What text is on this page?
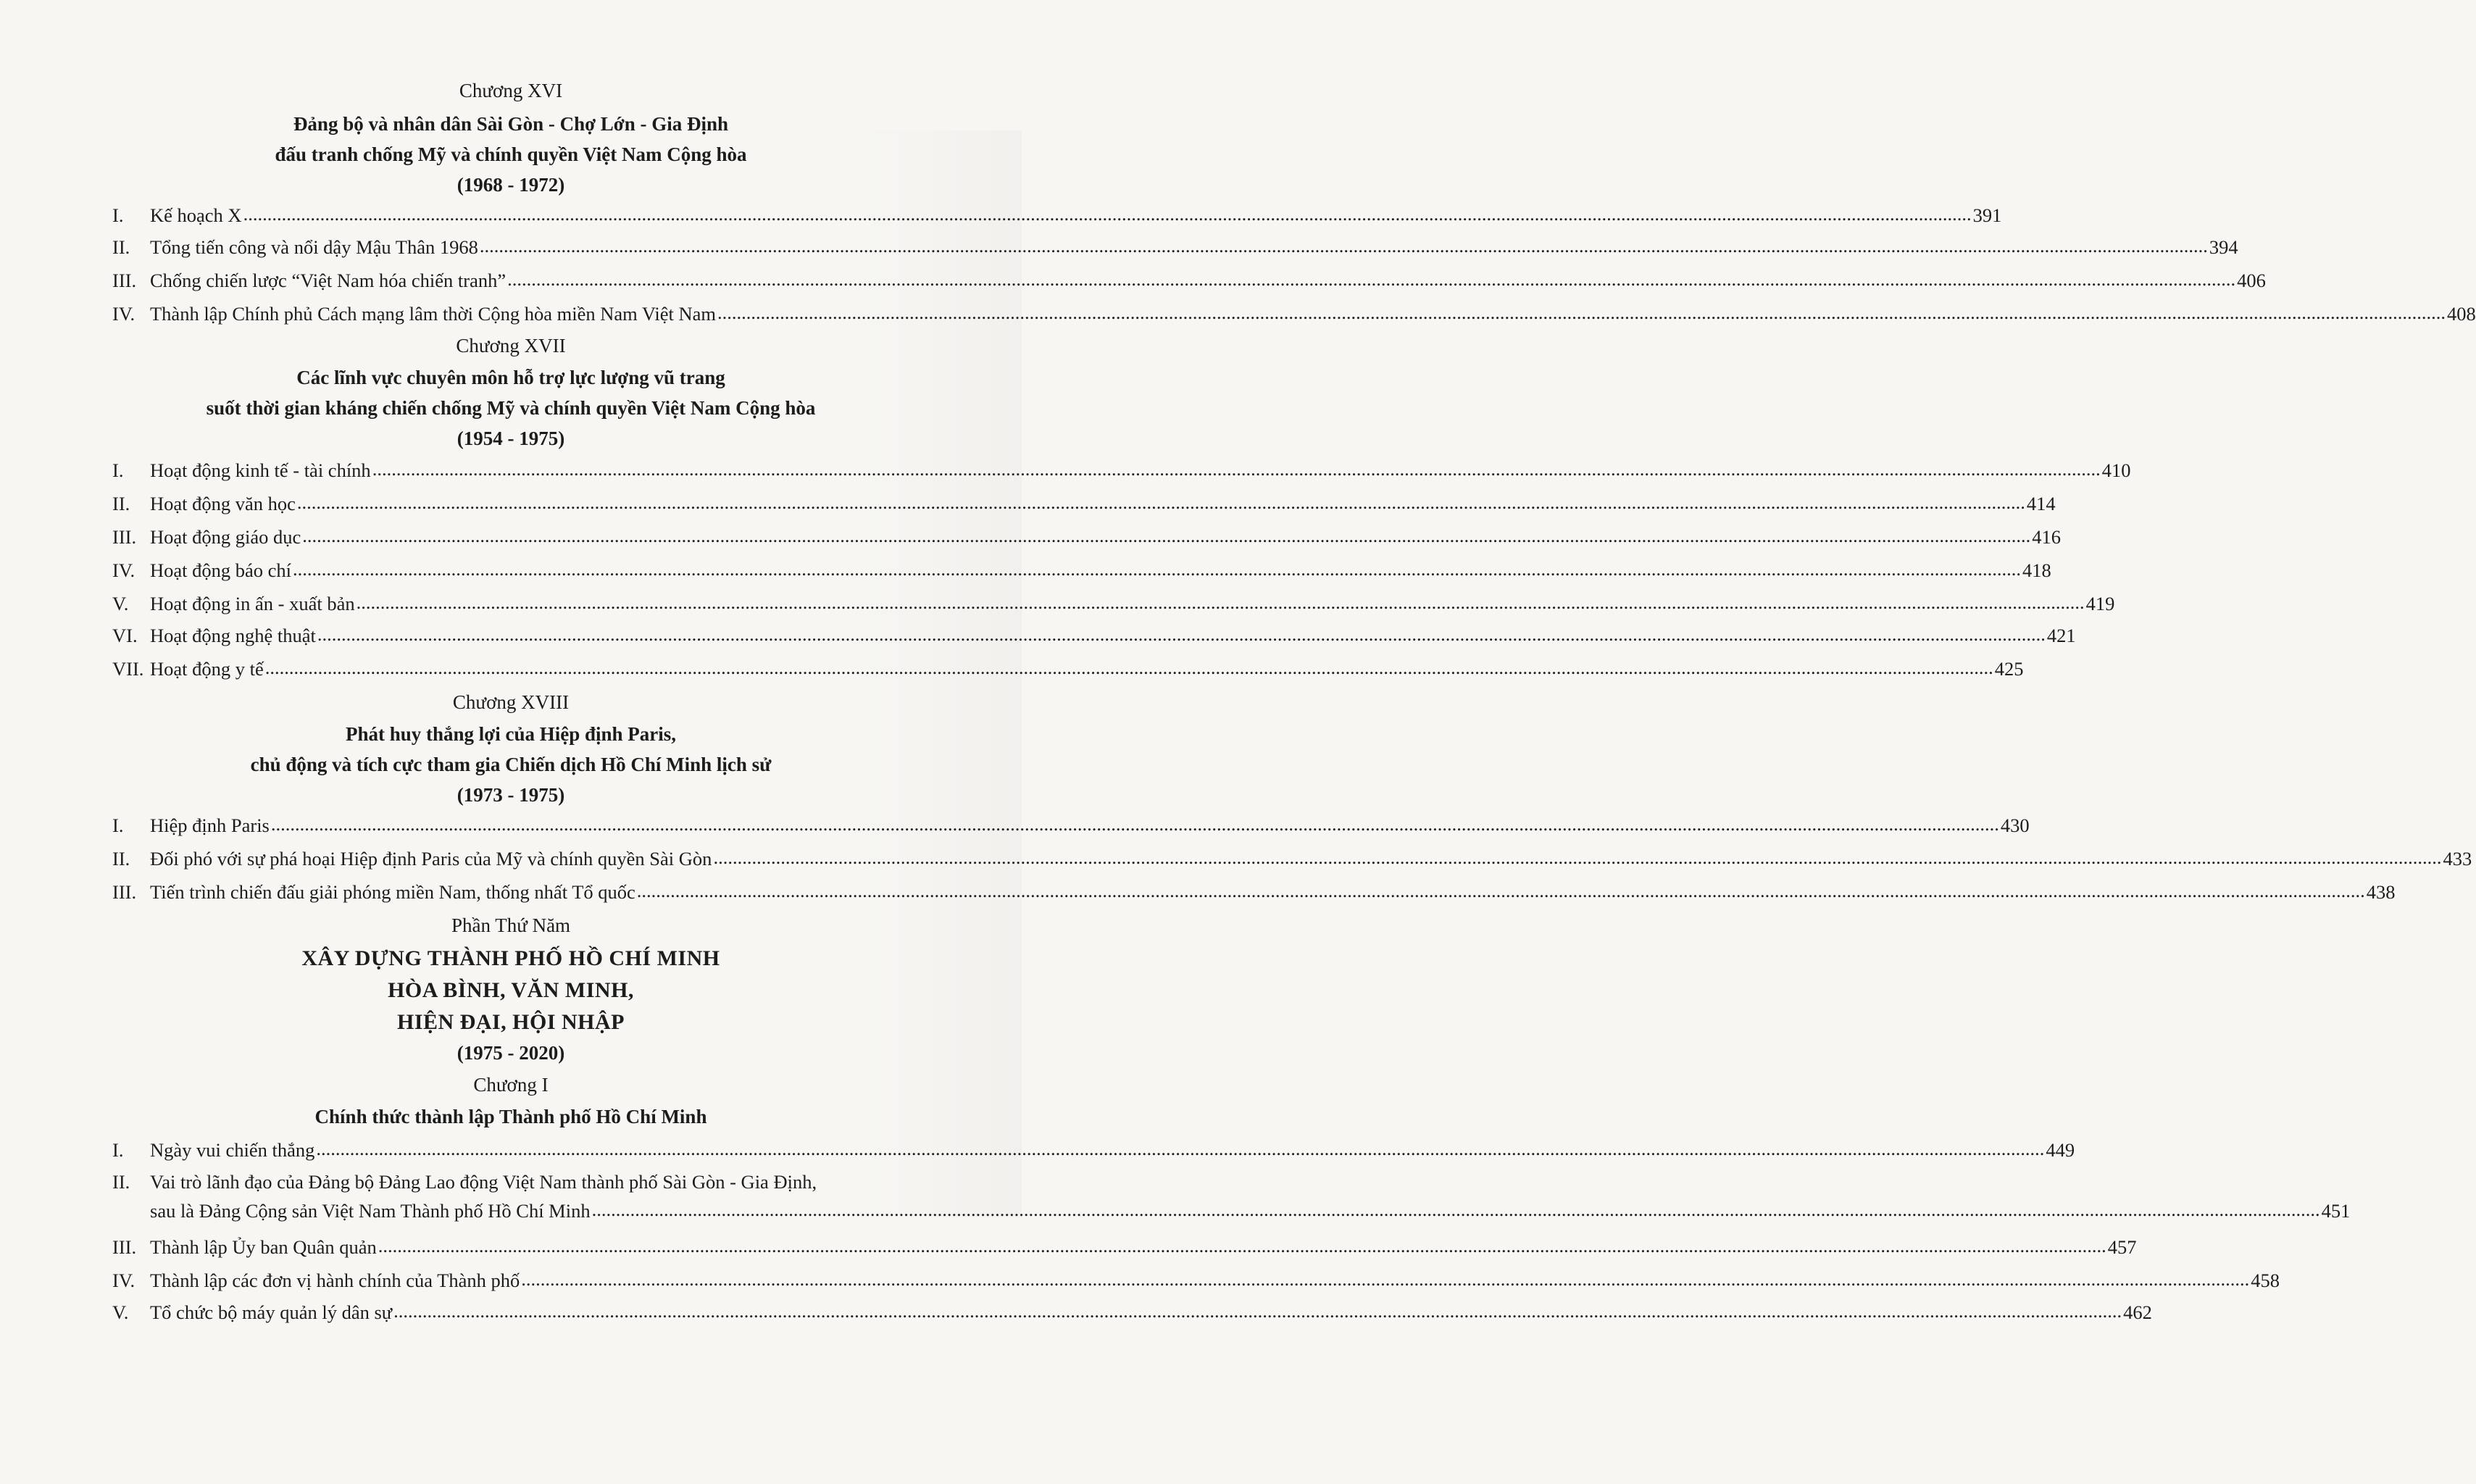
Chương XVI
Đảng bộ và nhân dân Sài Gòn - Chợ Lớn - Gia Định
đấu tranh chống Mỹ và chính quyền Việt Nam Cộng hòa
(1968 - 1972)
I.	Kế hoạch X .....	391
II.	Tổng tiến công và nổi dậy Mậu Thân 1968 .....	394
III. Chống chiến lược “Việt Nam hóa chiến tranh” .....	406
IV. Thành lập Chính phủ Cách mạng lâm thời Cộng hòa miền Nam Việt Nam .....	408
Chương XVII
Các lĩnh vực chuyên môn hỗ trợ lực lượng vũ trang
suốt thời gian kháng chiến chống Mỹ và chính quyền Việt Nam Cộng hòa
(1954 - 1975)
I.	Hoạt động kinh tế - tài chính .....	410
II.	Hoạt động văn học .....	414
III. Hoạt động giáo dục .....	416
IV. Hoạt động báo chí .....	418
V.	Hoạt động in ấn - xuất bản .....	419
VI. Hoạt động nghệ thuật .....	421
VII. Hoạt động y tế .....	425
Chương XVIII
Phát huy thắng lợi của Hiệp định Paris,
chủ động và tích cực tham gia Chiến dịch Hồ Chí Minh lịch sử
(1973 - 1975)
I.	Hiệp định Paris .....	430
II.	Đối phó với sự phá hoại Hiệp định Paris của Mỹ và chính quyền Sài Gòn .....	433
III. Tiến trình chiến đấu giải phóng miền Nam, thống nhất Tổ quốc .....	438
Phần Thứ Năm
XÂY DỰNG THÀNH PHỐ HỒ CHÍ MINH
HÒA BÌNH, VĂN MINH,
HIỆN ĐẠI, HỘI NHẬP
(1975 - 2020)
Chương I
Chính thức thành lập Thành phố Hồ Chí Minh
I.	Ngày vui chiến thắng .....	449
II.	Vai trò lãnh đạo của Đảng bộ Đảng Lao động Việt Nam thành phố Sài Gòn - Gia Định,
sau là Đảng Cộng sản Việt Nam Thành phố Hồ Chí Minh .....	451
III. Thành lập Ủy ban Quân quản .....	457
IV. Thành lập các đơn vị hành chính của Thành phố .....	458
V.	Tổ chức bộ máy quản lý dân sự .....	462
